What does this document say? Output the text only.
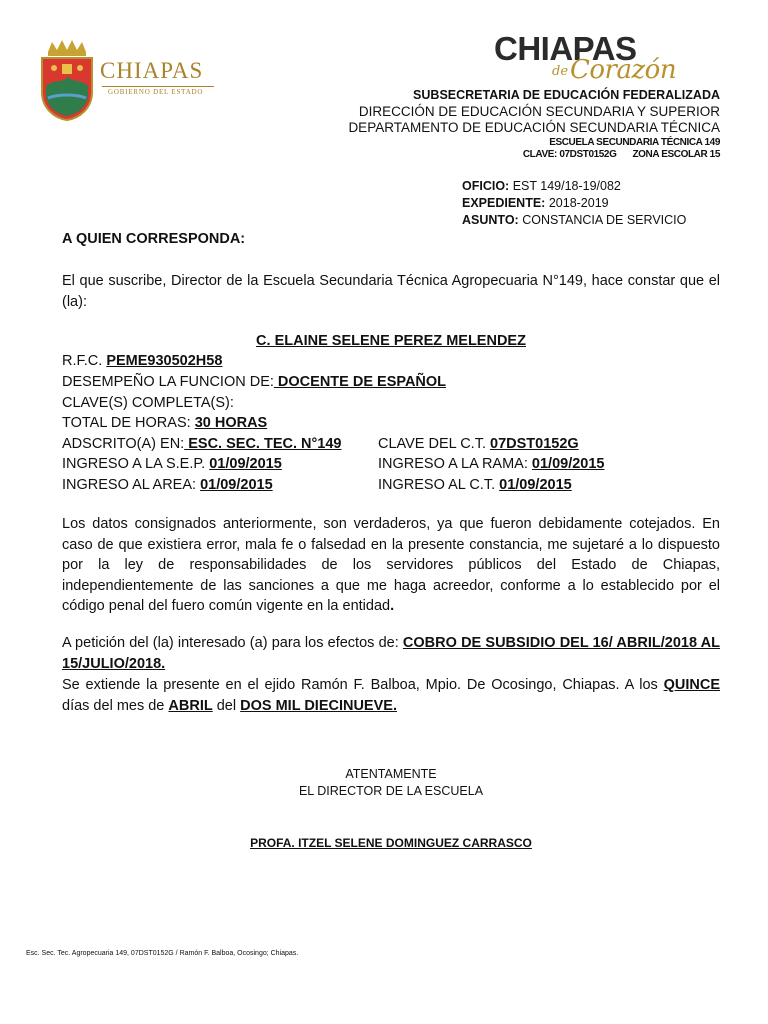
CHIAPAS
GOBIERNO DEL ESTADO
CHIAPAS
de Corazón
SUBSECRETARIA DE EDUCACIÓN FEDERALIZADA
DIRECCIÓN DE EDUCACIÓN SECUNDARIA Y SUPERIOR
DEPARTAMENTO DE EDUCACIÓN SECUNDARIA TÉCNICA
ESCUELA SECUNDARIA TÉCNICA 149
CLAVE: 07DST0152G ZONA ESCOLAR 15
OFICIO: EST 149/18-19/082
EXPEDIENTE: 2018-2019
ASUNTO: CONSTANCIA DE SERVICIO
A QUIEN CORRESPONDA:
El que suscribe, Director de la Escuela Secundaria Técnica Agropecuaria N°149, hace constar que el (la):
C. ELAINE SELENE PEREZ MELENDEZ
R.F.C. PEME930502H58
DESEMPEÑO LA FUNCION DE: DOCENTE DE ESPAÑOL
CLAVE(S) COMPLETA(S):
TOTAL DE HORAS: 30 HORAS
ADSCRITO(A) EN: ESC. SEC. TEC. N°149	CLAVE DEL C.T. 07DST0152G
INGRESO A LA S.E.P. 01/09/2015	INGRESO A LA RAMA: 01/09/2015
INGRESO AL AREA: 01/09/2015	INGRESO AL C.T. 01/09/2015
Los datos consignados anteriormente, son verdaderos, ya que fueron debidamente cotejados. En caso de que existiera error, mala fe o falsedad en la presente constancia, me sujetaré a lo dispuesto por la ley de responsabilidades de los servidores públicos del Estado de Chiapas, independientemente de las sanciones a que me haga acreedor, conforme a lo establecido por el código penal del fuero común vigente en la entidad.
A petición del (la) interesado (a) para los efectos de: COBRO DE SUBSIDIO DEL 16/ ABRIL/2018 AL 15/JULIO/2018.
Se extiende la presente en el ejido Ramón F. Balboa, Mpio. De Ocosingo, Chiapas. A los QUINCE días del mes de ABRIL del DOS MIL DIECINUEVE.
ATENTAMENTE
EL DIRECTOR DE LA ESCUELA
PROFA. ITZEL SELENE DOMINGUEZ CARRASCO
Esc. Sec. Tec. Agropecuaria 149, 07DST0152G / Ramón F. Balboa, Ocosingo; Chiapas.
